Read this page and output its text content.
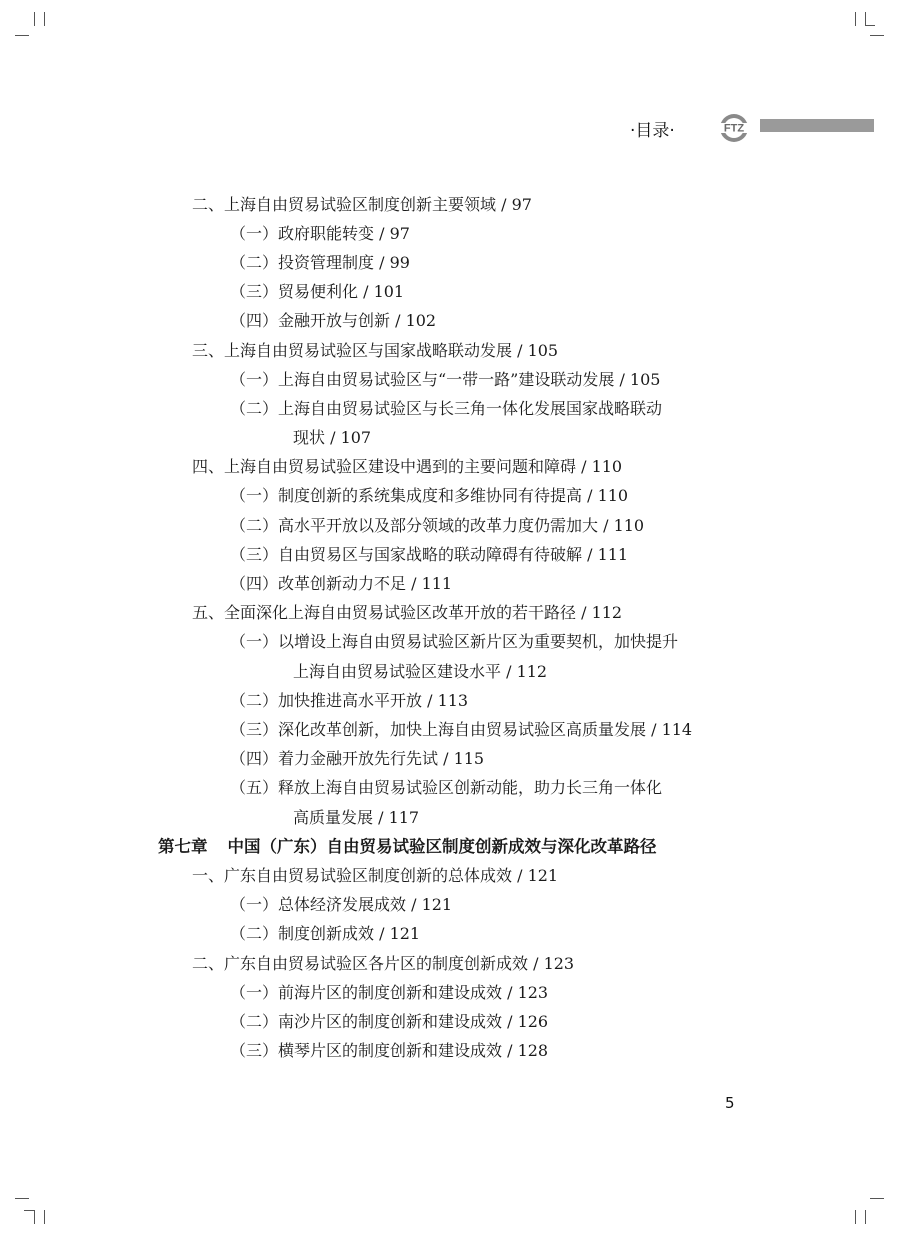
·目录·	FTZ
二、上海自由贸易试验区制度创新主要领域 / 97
（一）政府职能转变 / 97
（二）投资管理制度 / 99
（三）贸易便利化 / 101
（四）金融开放与创新 / 102
三、上海自由贸易试验区与国家战略联动发展 / 105
（一）上海自由贸易试验区与“一带一路”建设联动发展 / 105
（二）上海自由贸易试验区与长三角一体化发展国家战略联动
现状 / 107
四、上海自由贸易试验区建设中遇到的主要问题和障碍 / 110
（一）制度创新的系统集成度和多维协同有待提高 / 110
（二）高水平开放以及部分领域的改革力度仍需加大 / 110
（三）自由贸易区与国家战略的联动障碍有待破解 / 111
（四）改革创新动力不足 / 111
五、全面深化上海自由贸易试验区改革开放的若干路径 / 112
（一）以增设上海自由贸易试验区新片区为重要契机，加快提升
上海自由贸易试验区建设水平 / 112
（二）加快推进高水平开放 / 113
（三）深化改革创新，加快上海自由贸易试验区高质量发展 / 114
（四）着力金融开放先行先试 / 115
（五）释放上海自由贸易试验区创新动能，助力长三角一体化
高质量发展 / 117
第七章 中国（广东）自由贸易试验区制度创新成效与深化改革路径
一、广东自由贸易试验区制度创新的总体成效 / 121
（一）总体经济发展成效 / 121
（二）制度创新成效 / 121
二、广东自由贸易试验区各片区的制度创新成效 / 123
（一）前海片区的制度创新和建设成效 / 123
（二）南沙片区的制度创新和建设成效 / 126
（三）横琴片区的制度创新和建设成效 / 128
5
